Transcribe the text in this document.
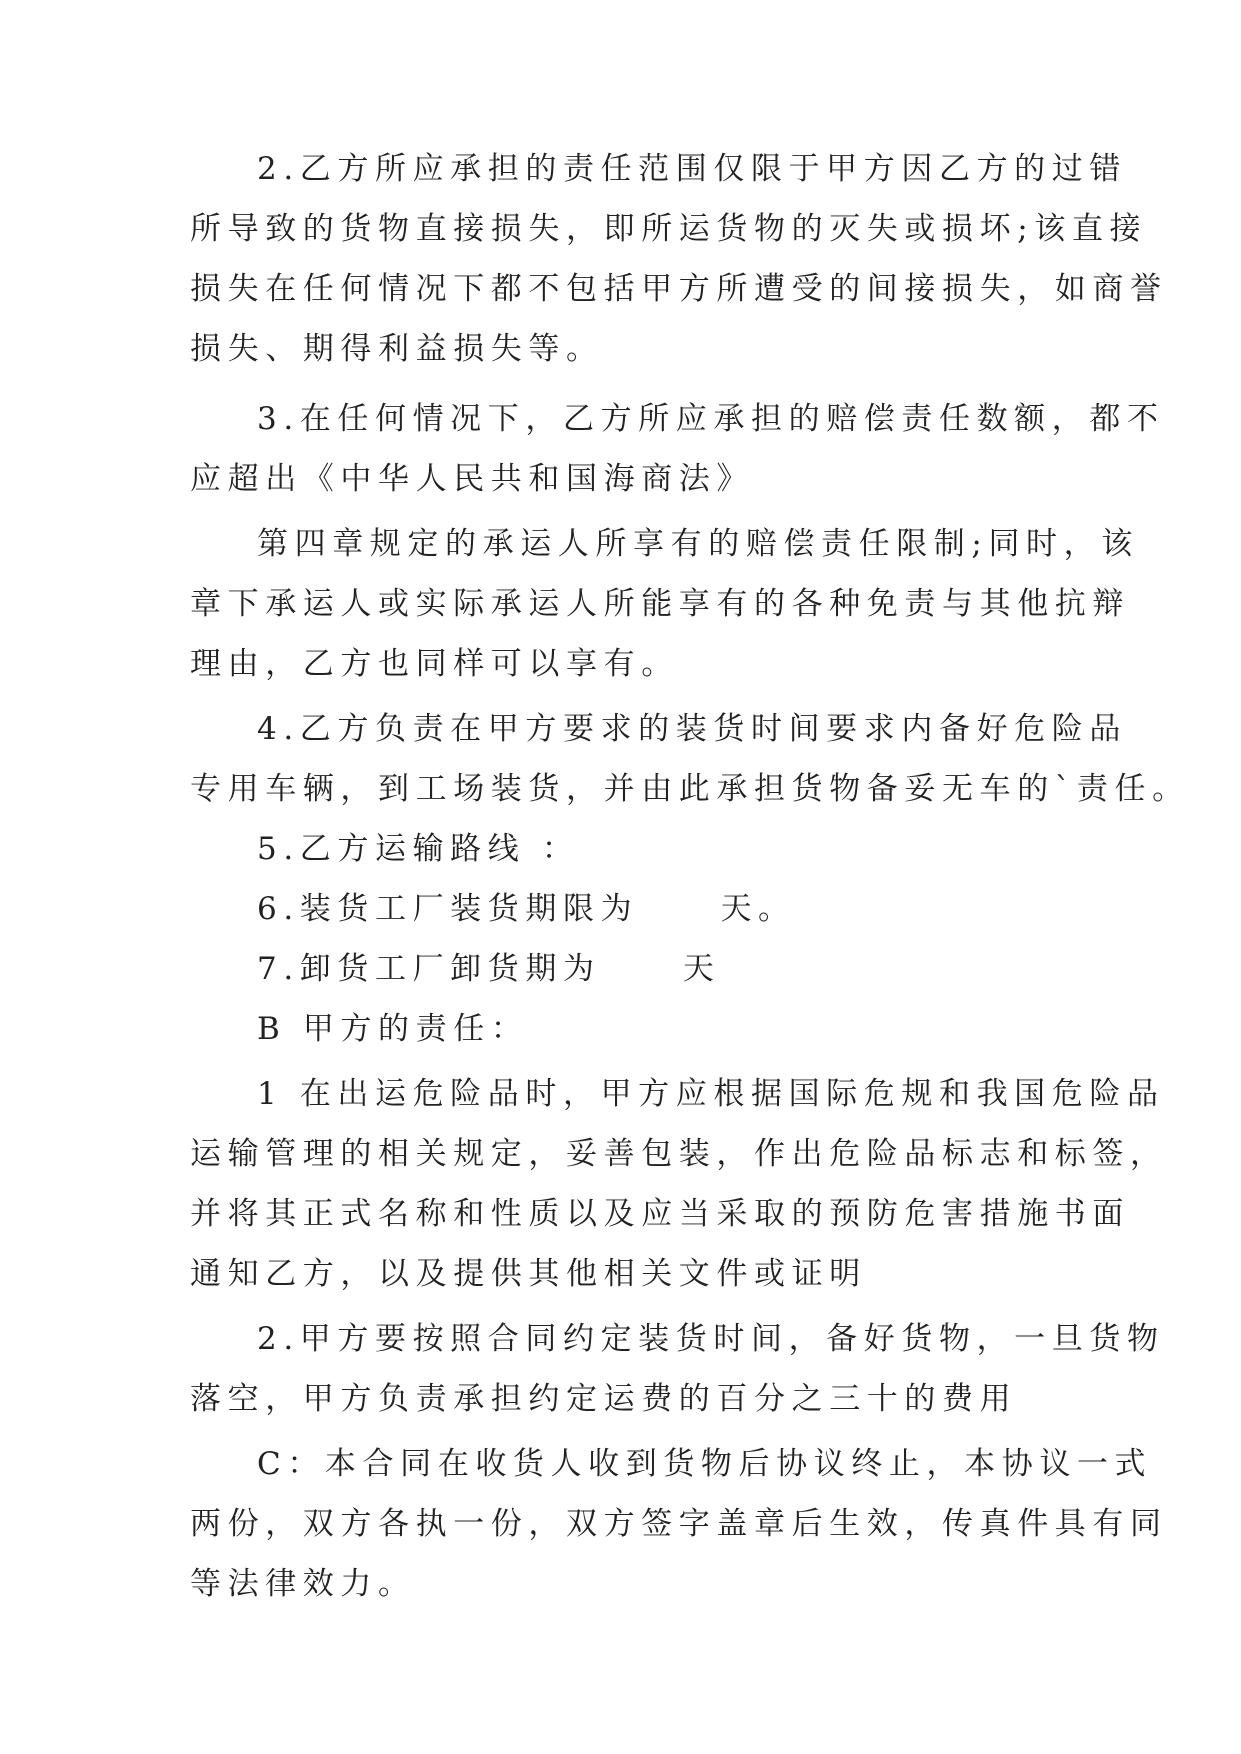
2.乙方所应承担的责任范围仅限于甲方因乙方的过错

所导致的货物直接损失，即所运货物的灭失或损坏;该直接

损失在任何情况下都不包括甲方所遭受的间接损失，如商誉

损失、期得利益损失等。

3.在任何情况下，乙方所应承担的赔偿责任数额，都不

应超出《中华人民共和国海商法》

第四章规定的承运人所享有的赔偿责任限制;同时，该

章下承运人或实际承运人所能享有的各种免责与其他抗辩

理由，乙方也同样可以享有。

4.乙方负责在甲方要求的装货时间要求内备好危险品

专用车辆，到工场装货，并由此承担货物备妥无车的`责任。

5.乙方运输路线 ：

6.装货工厂装货期限为     天。

7.卸货工厂卸货期为     天

B 甲方的责任：

1 在出运危险品时，甲方应根据国际危规和我国危险品

运输管理的相关规定，妥善包装，作出危险品标志和标签，

并将其正式名称和性质以及应当采取的预防危害措施书面

通知乙方，以及提供其他相关文件或证明

2.甲方要按照合同约定装货时间，备好货物，一旦货物

落空，甲方负责承担约定运费的百分之三十的费用

C：本合同在收货人收到货物后协议终止，本协议一式

两份，双方各执一份，双方签字盖章后生效，传真件具有同

等法律效力。
